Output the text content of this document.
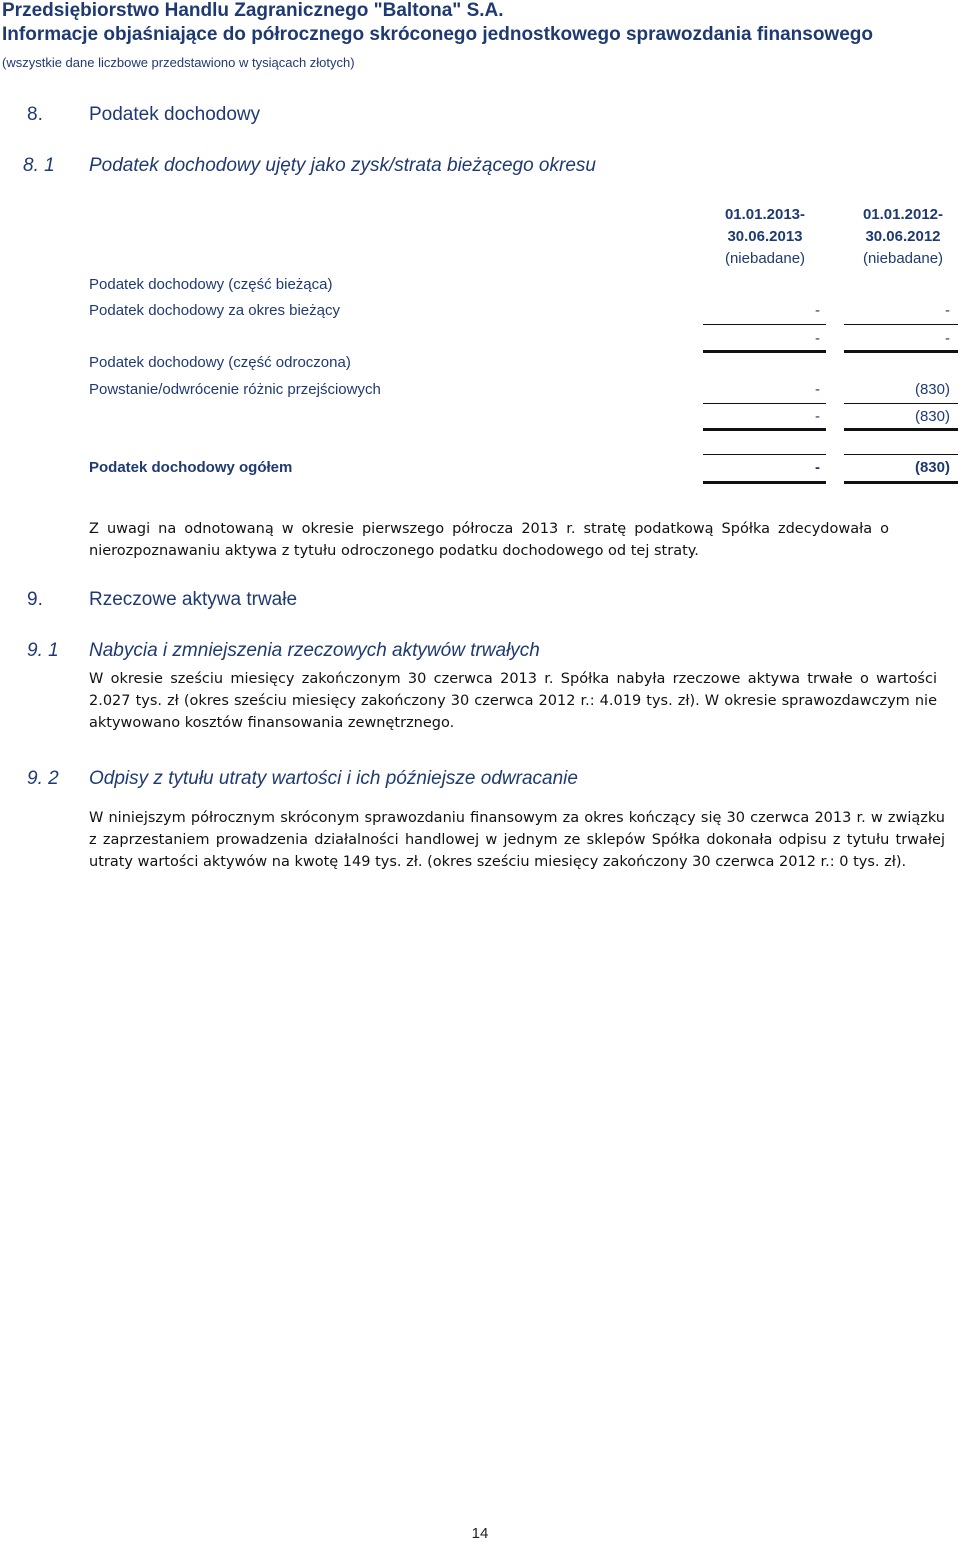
Przedsiębiorstwo Handlu Zagranicznego "Baltona" S.A.
Informacje objaśniające do półrocznego skróconego jednostkowego sprawozdania finansowego
(wszystkie dane liczbowe przedstawiono w tysiącach złotych)
8. Podatek dochodowy
8. 1 Podatek dochodowy ujęty jako zysk/strata bieżącego okresu
01.01.2013-
30.06.2013
(niebadane)
01.01.2012-
30.06.2012
(niebadane)
Podatek dochodowy (część bieżąca)
Podatek dochodowy za okres bieżący	-	-
-	-
Podatek dochodowy (część odroczona)
Powstanie/odwrócenie różnic przejściowych	-	(830)
-	(830)
Podatek dochodowy ogółem	-	(830)
Z uwagi na odnotowaną w okresie pierwszego półrocza 2013 r. stratę podatkową Spółka zdecydowała o nierozpoznawaniu aktywa z tytułu odroczonego podatku dochodowego od tej straty.
9. Rzeczowe aktywa trwałe
9. 1 Nabycia i zmniejszenia rzeczowych aktywów trwałych
W okresie sześciu miesięcy zakończonym 30 czerwca 2013 r. Spółka nabyła rzeczowe aktywa trwałe o wartości 2.027 tys. zł (okres sześciu miesięcy zakończony 30 czerwca 2012 r.: 4.019 tys. zł). W okresie sprawozdawczym nie aktywowano kosztów finansowania zewnętrznego.
9. 2 Odpisy z tytułu utraty wartości i ich późniejsze odwracanie
W niniejszym półrocznym skróconym sprawozdaniu finansowym za okres kończący się 30 czerwca 2013 r. w związku z zaprzestaniem prowadzenia działalności handlowej w jednym ze sklepów Spółka dokonała odpisu z tytułu trwałej utraty wartości aktywów na kwotę 149 tys. zł. (okres sześciu miesięcy zakończony 30 czerwca 2012 r.: 0 tys. zł).
14
